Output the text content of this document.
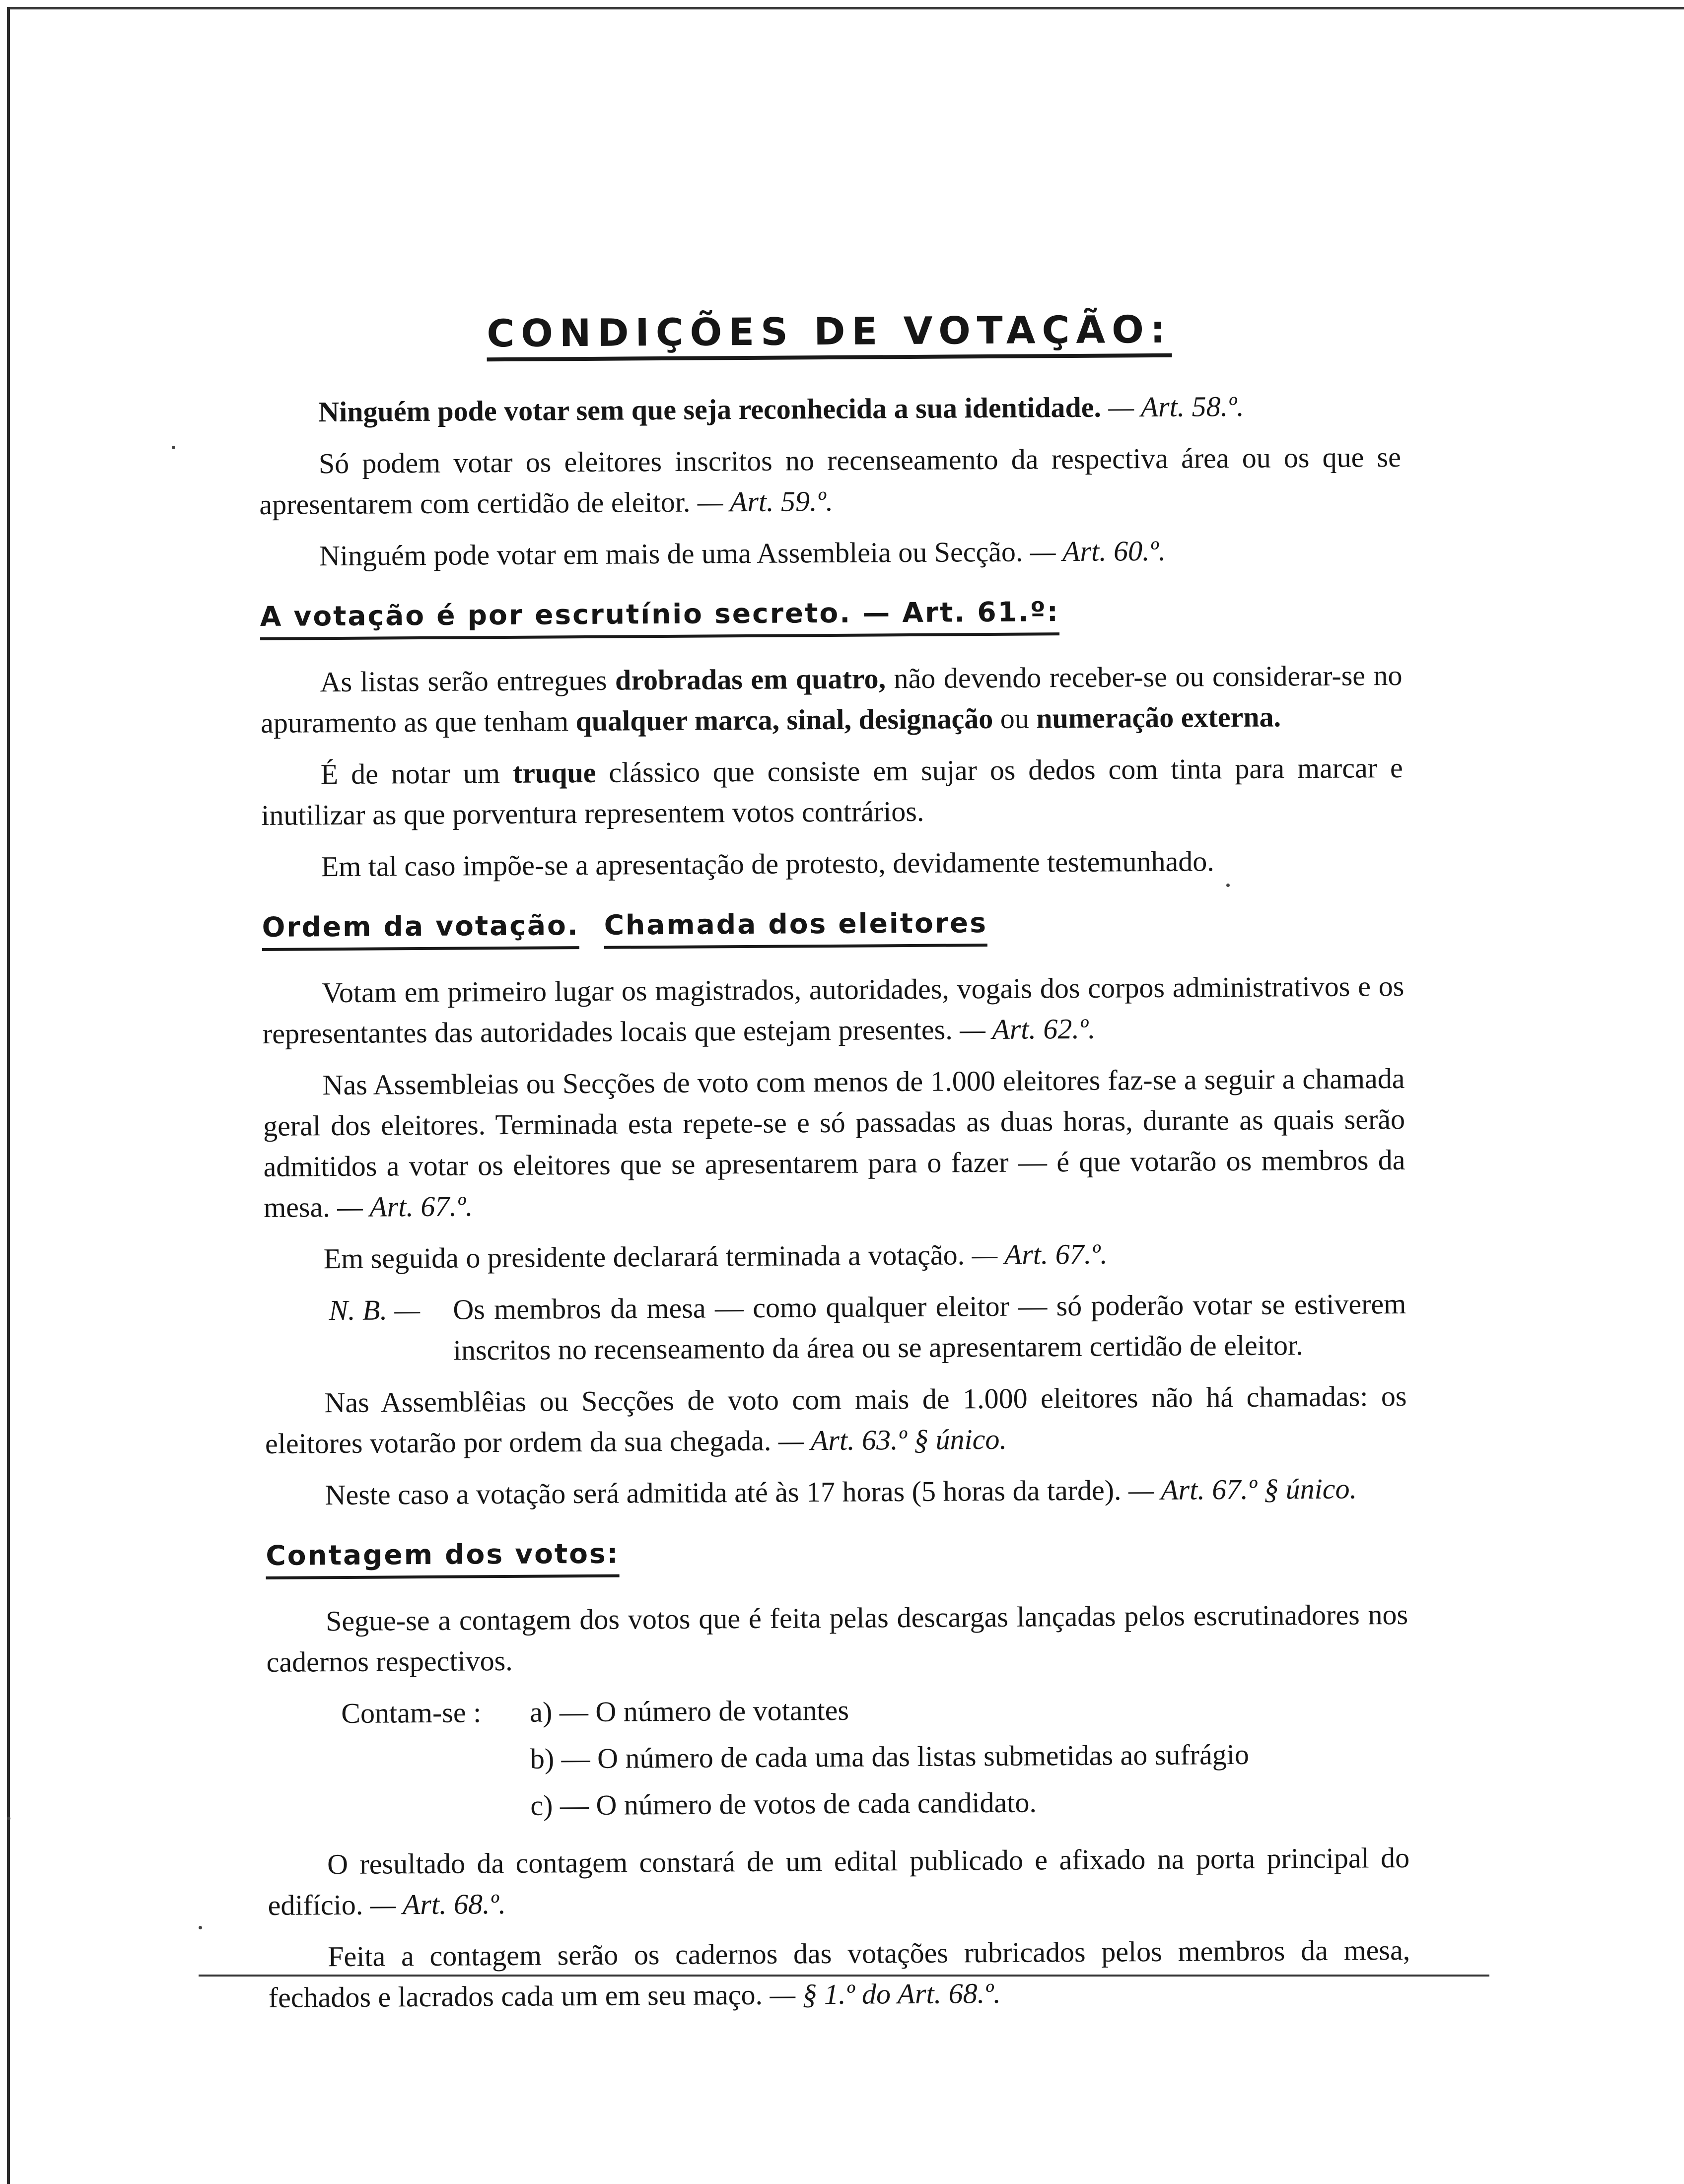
CONDIÇÕES DE VOTAÇÃO:

Ninguém pode votar sem que seja reconhecida a sua identidade. — Art. 58.º.

Só podem votar os eleitores inscritos no recenseamento da respectiva área ou os que se apresentarem com certidão de eleitor. — Art. 59.º.

Ninguém pode votar em mais de uma Assembleia ou Secção. — Art. 60.º.

A votação é por escrutínio secreto. — Art. 61.º:

As listas serão entregues drobradas em quatro, não devendo receber-se ou considerar-se no apuramento as que tenham qualquer marca, sinal, designação ou numeração externa.

É de notar um truque clássico que consiste em sujar os dedos com tinta para marcar e inutilizar as que porventura representem votos contrários.

Em tal caso impõe-se a apresentação de protesto, devidamente testemunhado.

Ordem da votação. Chamada dos eleitores

Votam em primeiro lugar os magistrados, autoridades, vogais dos corpos administrativos e os representantes das autoridades locais que estejam presentes. — Art. 62.º.

Nas Assembleias ou Secções de voto com menos de 1.000 eleitores faz-se a seguir a chamada geral dos eleitores. Terminada esta repete-se e só passadas as duas horas, durante as quais serão admitidos a votar os eleitores que se apresentarem para o fazer — é que votarão os membros da mesa. — Art. 67.º.

Em seguida o presidente declarará terminada a votação. — Art. 67.º.

N. B. —	Os membros da mesa — como qualquer eleitor — só poderão votar se estiverem inscritos no recenseamento da área ou se apresentarem certidão de eleitor.

Nas Assemblêias ou Secções de voto com mais de 1.000 eleitores não há chamadas: os eleitores votarão por ordem da sua chegada. — Art. 63.º § único.

Neste caso a votação será admitida até às 17 horas (5 horas da tarde). — Art. 67.º § único.

Contagem dos votos:

Segue-se a contagem dos votos que é feita pelas descargas lançadas pelos escrutinadores nos cadernos respectivos.

Contam-se :	a) — O número de votantes
b) — O número de cada uma das listas submetidas ao sufrágio
c) — O número de votos de cada candidato.

O resultado da contagem constará de um edital publicado e afixado na porta principal do edifício. — Art. 68.º.

Feita a contagem serão os cadernos das votações rubricados pelos membros da mesa, fechados e lacrados cada um em seu maço. — § 1.º do Art. 68.º.
